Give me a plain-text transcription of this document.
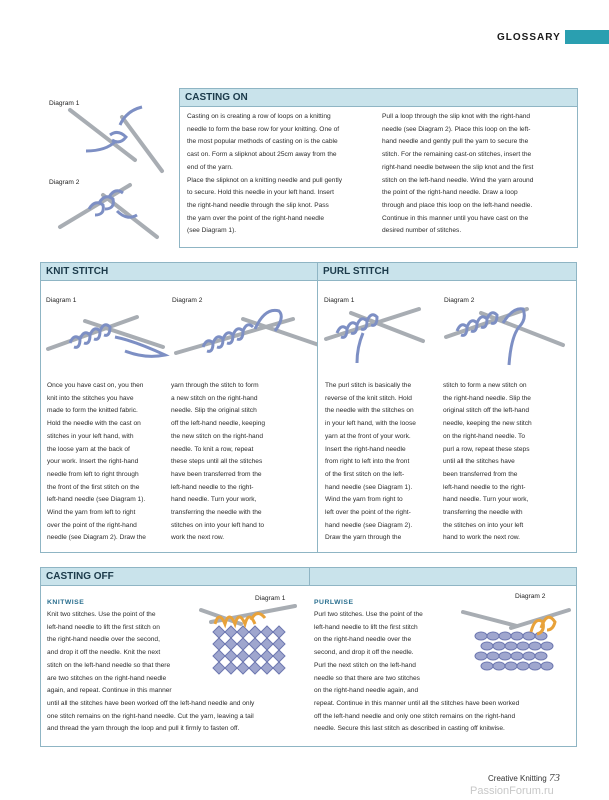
GLOSSARY
CASTING ON

Casting on is creating a row of loops on a knitting

needle to form the base row for your knitting. One of

the most popular methods of casting on is the cable

cast on. Form a slipknot about 25cm away from the

end of the yarn.

Place the slipknot on a knitting needle and pull gently

to secure. Hold this needle in your left hand. Insert

the right-hand needle through the slip knot. Pass

the yarn over the point of the right-hand needle

(see Diagram 1).

Pull a loop through the slip knot with the right-hand

needle (see Diagram 2). Place this loop on the left-

hand needle and gently pull the yarn to secure the

stitch. For the remaining cast-on stitches, insert the

right-hand needle between the slip knot and the first

stitch on the left-hand needle. Wind the yarn around

the point of the right-hand needle. Draw a loop

through and place this loop on the left-hand needle.

Continue in this manner until you have cast on the

desired number of stitches.

Diagram 1
Diagram 2
KNIT STITCH
Diagram 1	Diagram 2

Once you have cast on, you then

knit into the stitches you have

made to form the knitted fabric.

Hold the needle with the cast on

stitches in your left hand, with

the loose yarn at the back of

your work. Insert the right-hand

needle from left to right through

the front of the first stitch on the

left-hand needle (see Diagram 1).

Wind the yarn from left to right

over the point of the right-hand

needle (see Diagram 2). Draw the

yarn through the stitch to form

a new stitch on the right-hand

needle. Slip the original stitch

off the left-hand needle, keeping

the new stitch on the right-hand

needle. To knit a row, repeat

these steps until all the stitches

have been transferred from the

left-hand needle to the right-

hand needle. Turn your work,

transferring the needle with the

stitches on into your left hand to

work the next row.

PURL STITCH
Diagram 1	Diagram 2

The purl stitch is basically the

reverse of the knit stitch. Hold

the needle with the stitches on

in your left hand, with the loose

yarn at the front of your work.

Insert the right-hand needle

from right to left into the front

of the first stitch on the left-

hand needle (see Diagram 1).

Wind the yarn from right to

left over the point of the right-

hand needle (see Diagram 2).

Draw the yarn through the

stitch to form a new stitch on

the right-hand needle. Slip the

original stitch off the left-hand

needle, keeping the new stitch

on the right-hand needle. To

purl a row, repeat these steps

until all the stitches have

been transferred from the

left-hand needle to the right-

hand needle. Turn your work,

transferring the needle with

the stitches on into your left

hand to work the next row.

CASTING OFF
KNITWISE
Diagram 1

Knit two stitches. Use the point of the

left-hand needle to lift the first stitch on

the right-hand needle over the second,

and drop it off the needle. Knit the next

stitch on the left-hand needle so that there

are two stitches on the right-hand needle

again, and repeat. Continue in this manner

until all the stitches have been worked off the left-hand needle and only

one stitch remains on the right-hand needle. Cut the yarn, leaving a tail

and thread the yarn through the loop and pull it firmly to fasten off.

PURLWISE
Diagram 2

Purl two stitches. Use the point of the

left-hand needle to lift the first stitch

on the right-hand needle over the

second, and drop it off the needle.

Purl the next stitch on the left-hand

needle so that there are two stitches

on the right-hand needle again, and

repeat. Continue in this manner until all the stitches have been worked

off the left-hand needle and only one stitch remains on the right-hand

needle. Secure this last stitch as described in casting off knitwise.

Creative Knitting 73
PassionForum.ru
